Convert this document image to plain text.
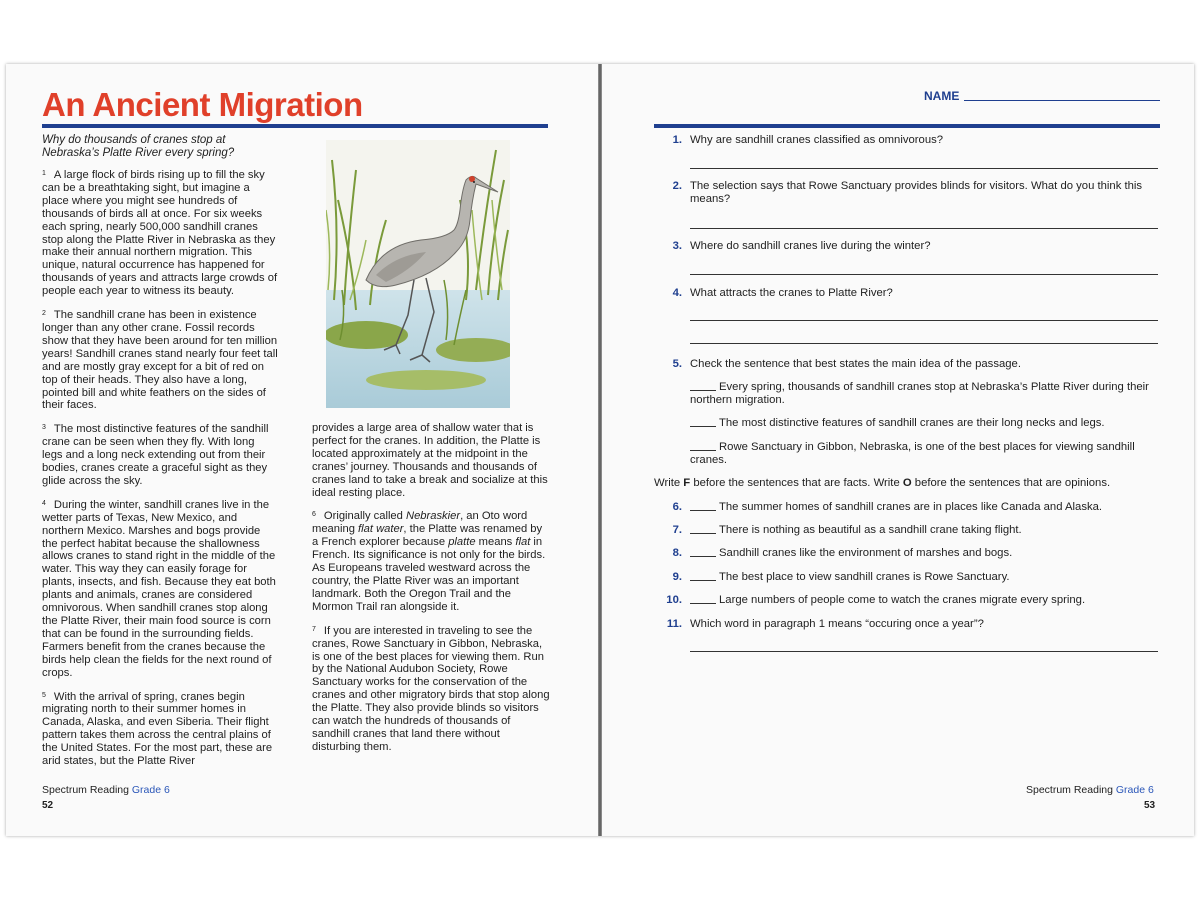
An Ancient Migration

Why do thousands of cranes stop at Nebraska’s Platte River every spring?

$^1$ A large flock of birds rising up to fill the sky can be a breathtaking sight, but imagine a place where you might see hundreds of thousands of birds all at once. For six weeks each spring, nearly 500,000 sandhill cranes stop along the Platte River in Nebraska as they make their annual northern migration. This unique, natural occurrence has happened for thousands of years and attracts large crowds of people each year to witness its beauty.

$^2$ The sandhill crane has been in existence longer than any other crane. Fossil records show that they have been around for ten million years! Sandhill cranes stand nearly four feet tall and are mostly gray except for a bit of red on top of their heads. They also have a long, pointed bill and white feathers on the sides of their faces.

$^3$ The most distinctive features of the sandhill crane can be seen when they fly. With long legs and a long neck extending out from their bodies, cranes create a graceful sight as they glide across the sky.

$^4$ During the winter, sandhill cranes live in the wetter parts of Texas, New Mexico, and northern Mexico. Marshes and bogs provide the perfect habitat because the shallowness allows cranes to stand right in the middle of the water. This way they can easily forage for plants, insects, and fish. Because they eat both plants and animals, cranes are considered omnivorous. When sandhill cranes stop along the Platte River, their main food source is corn that can be found in the surrounding fields. Farmers benefit from the cranes because the birds help clean the fields for the next round of crops.

$^5$ With the arrival of spring, cranes begin migrating north to their summer homes in Canada, Alaska, and even Siberia. Their flight pattern takes them across the central plains of the United States. For the most part, these are arid states, but the Platte River

provides a large area of shallow water that is perfect for the cranes. In addition, the Platte is located approximately at the midpoint in the cranes’ journey. Thousands and thousands of cranes land to take a break and socialize at this ideal resting place.

$^6$ Originally called Nebraskier, an Oto word meaning flat water, the Platte was renamed by a French explorer because platte means flat in French. Its significance is not only for the birds. As Europeans traveled westward across the country, the Platte River was an important landmark. Both the Oregon Trail and the Mormon Trail ran alongside it.

$^7$ If you are interested in traveling to see the cranes, Rowe Sanctuary in Gibbon, Nebraska, is one of the best places for viewing them. Run by the National Audubon Society, Rowe Sanctuary works for the conservation of the cranes and other migratory birds that stop along the Platte. They also provide blinds so visitors can watch the hundreds of thousands of sandhill cranes that land there without disturbing them.

Spectrum Reading Grade 6
52
NAME
1. Why are sandhill cranes classified as omnivorous?
2. The selection says that Rowe Sanctuary provides blinds for visitors. What do you think this means?
3. Where do sandhill cranes live during the winter?
4. What attracts the cranes to Platte River?
5. Check the sentence that best states the main idea of the passage.
Every spring, thousands of sandhill cranes stop at Nebraska’s Platte River during their northern migration.
The most distinctive features of sandhill cranes are their long necks and legs.
Rowe Sanctuary in Gibbon, Nebraska, is one of the best places for viewing sandhill cranes.
Write F before the sentences that are facts. Write O before the sentences that are opinions.
6.	The summer homes of sandhill cranes are in places like Canada and Alaska.
7.	There is nothing as beautiful as a sandhill crane taking flight.
8.	Sandhill cranes like the environment of marshes and bogs.
9.	The best place to view sandhill cranes is Rowe Sanctuary.
10.	Large numbers of people come to watch the cranes migrate every spring.
11. Which word in paragraph 1 means “occuring once a year”?
Spectrum Reading Grade 6
53
